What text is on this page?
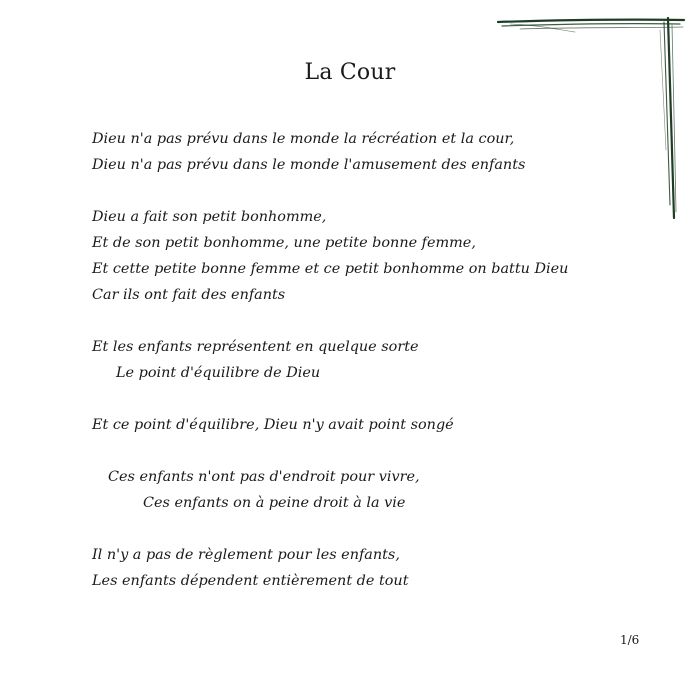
La Cour
Dieu n'a pas prévu dans le monde la récréation et la cour,
Dieu n'a pas prévu dans le monde l'amusement des enfants
Dieu a fait son petit bonhomme,
Et de son petit bonhomme, une petite bonne femme,
Et cette petite bonne femme et ce petit bonhomme on battu Dieu
Car ils ont fait des enfants
Et les enfants représentent en quelque sorte
Le point d'équilibre de Dieu
Et ce point d'équilibre, Dieu n'y avait point songé
Ces enfants n'ont pas d'endroit pour vivre,
Ces enfants on à peine droit à la vie
Il n'y a pas de règlement pour les enfants,
Les enfants dépendent entièrement de tout
1/6
